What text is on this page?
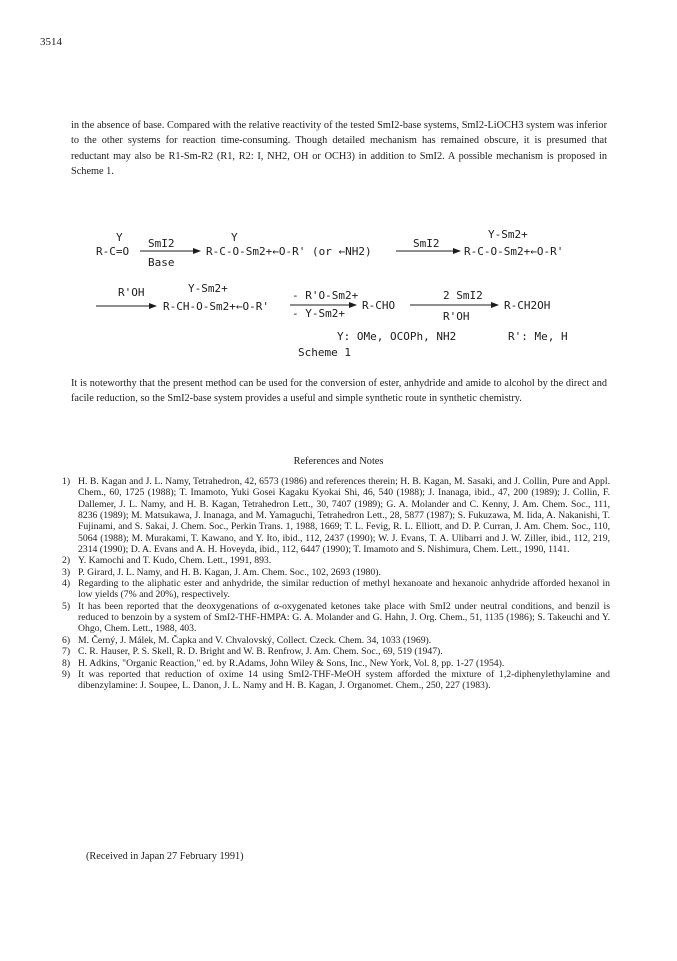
3514

in the absence of base. Compared with the relative reactivity of the tested SmI2-base systems, SmI2-LiOCH3 system was inferior to the other systems for reaction time-consuming. Though detailed mechanism has remained obscure, it is presumed that reductant may also be R1-Sm-R2 (R1, R2: I, NH2, OH or OCH3) in addition to SmI2. A possible mechanism is proposed in Scheme 1.

Y
R-C=O
SmI2
Base
Y
R-C-O-Sm2+←O-R' (or ←NH2)
SmI2
Y-Sm2+
R-C-O-Sm2+←O-R'
R'OH	Y-Sm2+
R-CH-O-Sm2+←O-R'
- R'O-Sm2+
- Y-Sm2+
R-CHO
2 SmI2
R'OH
R-CH2OH
Y: OMe, OCOPh, NH2	R': Me, H
Scheme 1

It is noteworthy that the present method can be used for the conversion of ester, anhydride and amide to alcohol by the direct and facile reduction, so the SmI2-base system provides a useful and simple synthetic route in synthetic chemistry.

References and Notes
1) H. B. Kagan and J. L. Namy, Tetrahedron, 42, 6573 (1986) and references therein; H. B. Kagan, M. Sasaki, and J. Collin, Pure and Appl. Chem., 60, 1725 (1988); T. Imamoto, Yuki Gosei Kagaku Kyokai Shi, 46, 540 (1988); J. Inanaga, ibid., 47, 200 (1989); J. Collin, F. Dallemer, J. L. Namy, and H. B. Kagan, Tetrahedron Lett., 30, 7407 (1989); G. A. Molander and C. Kenny, J. Am. Chem. Soc., 111, 8236 (1989); M. Matsukawa, J. Inanaga, and M. Yamaguchi, Tetrahedron Lett., 28, 5877 (1987); S. Fukuzawa, M. Iida, A. Nakanishi, T. Fujinami, and S. Sakai, J. Chem. Soc., Perkin Trans. 1, 1988, 1669; T. L. Fevig, R. L. Elliott, and D. P. Curran, J. Am. Chem. Soc., 110, 5064 (1988); M. Murakami, T. Kawano, and Y. Ito, ibid., 112, 2437 (1990); W. J. Evans, T. A. Ulibarri and J. W. Ziller, ibid., 112, 219, 2314 (1990); D. A. Evans and A. H. Hoveyda, ibid., 112, 6447 (1990); T. Imamoto and S. Nishimura, Chem. Lett., 1990, 1141.
2) Y. Kamochi and T. Kudo, Chem. Lett., 1991, 893.
3) P. Girard, J. L. Namy, and H. B. Kagan, J. Am. Chem. Soc., 102, 2693 (1980).
4) Regarding to the aliphatic ester and anhydride, the similar reduction of methyl hexanoate and hexanoic anhydride afforded hexanol in low yields (7% and 20%), respectively.
5) It has been reported that the deoxygenations of α-oxygenated ketones take place with SmI2 under neutral conditions, and benzil is reduced to benzoin by a system of SmI2-THF-HMPA: G. A. Molander and G. Hahn, J. Org. Chem., 51, 1135 (1986); S. Takeuchi and Y. Ohgo, Chem. Lett., 1988, 403.
6) M. Černý, J. Málek, M. Čapka and V. Chvalovský, Collect. Czeck. Chem. 34, 1033 (1969).
7) C. R. Hauser, P. S. Skell, R. D. Bright and W. B. Renfrow, J. Am. Chem. Soc., 69, 519 (1947).
8) H. Adkins, "Organic Reaction," ed. by R.Adams, John Wiley & Sons, Inc., New York, Vol. 8, pp. 1-27 (1954).
9) It was reported that reduction of oxime 14 using SmI2-THF-MeOH system afforded the mixture of 1,2-diphenylethylamine and dibenzylamine: J. Soupee, L. Danon, J. L. Namy and H. B. Kagan, J. Organomet. Chem., 250, 227 (1983).
(Received in Japan 27 February 1991)
